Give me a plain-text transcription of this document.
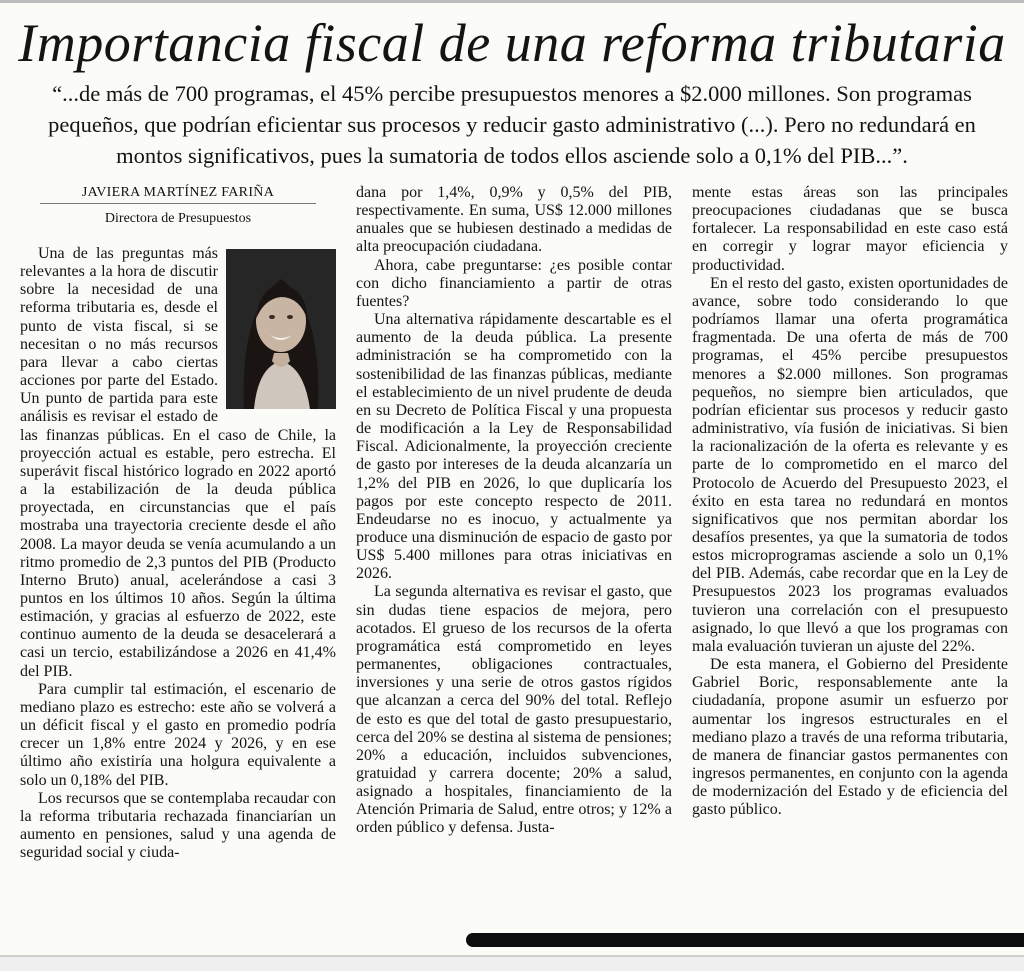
Importancia fiscal de una reforma tributaria
“...de más de 700 programas, el 45% percibe presupuestos menores a $2.000 millones. Son programas pequeños, que podrían eficientar sus procesos y reducir gasto administrativo (...). Pero no redundará en montos significativos, pues la sumatoria de todos ellos asciende solo a 0,1% del PIB...”.

JAVIERA MARTÍNEZ FARIÑA

Directora de Presupuestos

Una de las preguntas más relevantes a la hora de discutir sobre la necesidad de una reforma tributaria es, desde el punto de vista fiscal, si se necesitan o no más recursos para llevar a cabo ciertas acciones por parte del Estado. Un punto de partida para este análisis es revisar el estado de las finanzas públicas. En el caso de Chile, la proyección actual es estable, pero estrecha. El superávit fiscal histórico logrado en 2022 aportó a la estabilización de la deuda pública proyectada, en circunstancias que el país mostraba una trayectoria creciente desde el año 2008. La mayor deuda se venía acumulando a un ritmo promedio de 2,3 puntos del PIB (Producto Interno Bruto) anual, acelerándose a casi 3 puntos en los últimos 10 años. Según la última estimación, y gracias al esfuerzo de 2022, este continuo aumento de la deuda se desacelerará a casi un tercio, estabilizándose a 2026 en 41,4% del PIB.

Para cumplir tal estimación, el escenario de mediano plazo es estrecho: este año se volverá a un déficit fiscal y el gasto en promedio podría crecer un 1,8% entre 2024 y 2026, y en ese último año existiría una holgura equivalente a solo un 0,18% del PIB.

Los recursos que se contemplaba recaudar con la reforma tributaria rechazada financiarían un aumento en pensiones, salud y una agenda de seguridad social y ciuda-

dana por 1,4%, 0,9% y 0,5% del PIB, respectivamente. En suma, US$ 12.000 millones anuales que se hubiesen destinado a medidas de alta preocupación ciudadana.

Ahora, cabe preguntarse: ¿es posible contar con dicho financiamiento a partir de otras fuentes?

Una alternativa rápidamente descartable es el aumento de la deuda pública. La presente administración se ha comprometido con la sostenibilidad de las finanzas públicas, mediante el establecimiento de un nivel prudente de deuda en su Decreto de Política Fiscal y una propuesta de modificación a la Ley de Responsabilidad Fiscal. Adicionalmente, la proyección creciente de gasto por intereses de la deuda alcanzaría un 1,2% del PIB en 2026, lo que duplicaría los pagos por este concepto respecto de 2011. Endeudarse no es inocuo, y actualmente ya produce una disminución de espacio de gasto por US$ 5.400 millones para otras iniciativas en 2026.

La segunda alternativa es revisar el gasto, que sin dudas tiene espacios de mejora, pero acotados. El grueso de los recursos de la oferta programática está comprometido en leyes permanentes, obligaciones contractuales, inversiones y una serie de otros gastos rígidos que alcanzan a cerca del 90% del total. Reflejo de esto es que del total de gasto presupuestario, cerca del 20% se destina al sistema de pensiones; 20% a educación, incluidos subvenciones, gratuidad y carrera docente; 20% a salud, asignado a hospitales, financiamiento de la Atención Primaria de Salud, entre otros; y 12% a orden público y defensa. Justa-

mente estas áreas son las principales preocupaciones ciudadanas que se busca fortalecer. La responsabilidad en este caso está en corregir y lograr mayor eficiencia y productividad.

En el resto del gasto, existen oportunidades de avance, sobre todo considerando lo que podríamos llamar una oferta programática fragmentada. De una oferta de más de 700 programas, el 45% percibe presupuestos menores a $2.000 millones. Son programas pequeños, no siempre bien articulados, que podrían eficientar sus procesos y reducir gasto administrativo, vía fusión de iniciativas. Si bien la racionalización de la oferta es relevante y es parte de lo comprometido en el marco del Protocolo de Acuerdo del Presupuesto 2023, el éxito en esta tarea no redundará en montos significativos que nos permitan abordar los desafíos presentes, ya que la sumatoria de todos estos microprogramas asciende a solo un 0,1% del PIB. Además, cabe recordar que en la Ley de Presupuestos 2023 los programas evaluados tuvieron una correlación con el presupuesto asignado, lo que llevó a que los programas con mala evaluación tuvieran un ajuste del 22%.

De esta manera, el Gobierno del Presidente Gabriel Boric, responsablemente ante la ciudadanía, propone asumir un esfuerzo por aumentar los ingresos estructurales en el mediano plazo a través de una reforma tributaria, de manera de financiar gastos permanentes con ingresos permanentes, en conjunto con la agenda de modernización del Estado y de eficiencia del gasto público.
